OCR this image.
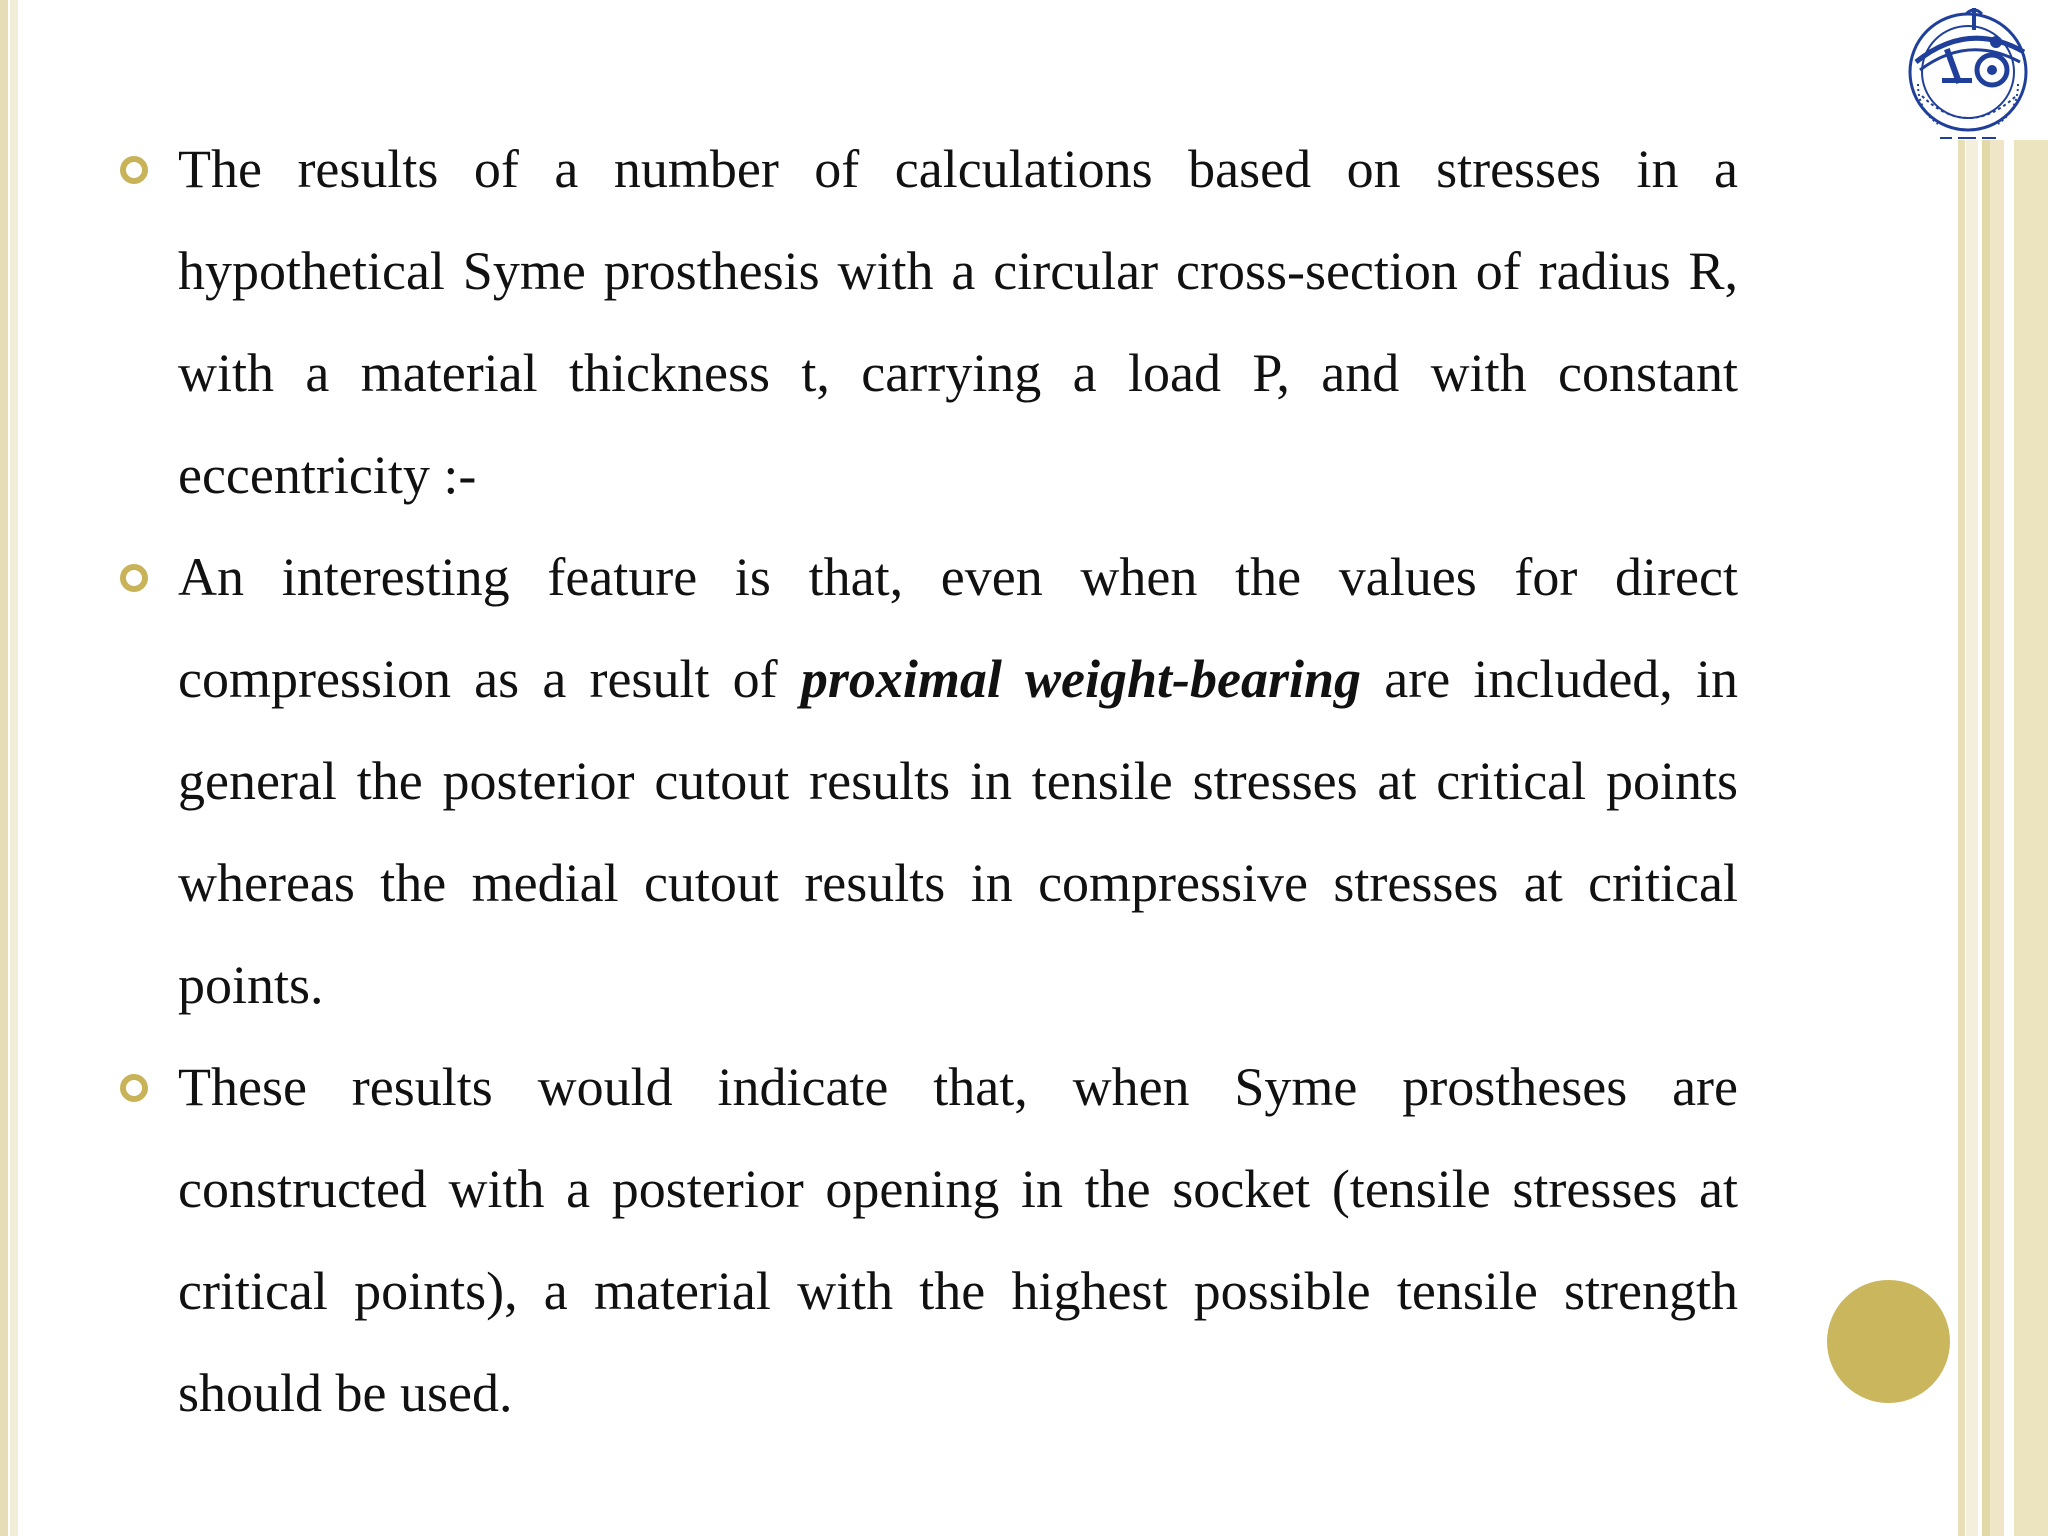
The results of a number of calculations based on stresses in a hypothetical Syme prosthesis with a circular cross-section of radius R, with a material thickness t, carrying a load P, and with constant eccentricity :-

An interesting feature is that, even when the values for direct compression as a result of proximal weight-bearing are included, in general the posterior cutout results in tensile stresses at critical points whereas the medial cutout results in compressive stresses at critical points.

These results would indicate that, when Syme prostheses are constructed with a posterior opening in the socket (tensile stresses at critical points), a material with the highest possible tensile strength should be used.
